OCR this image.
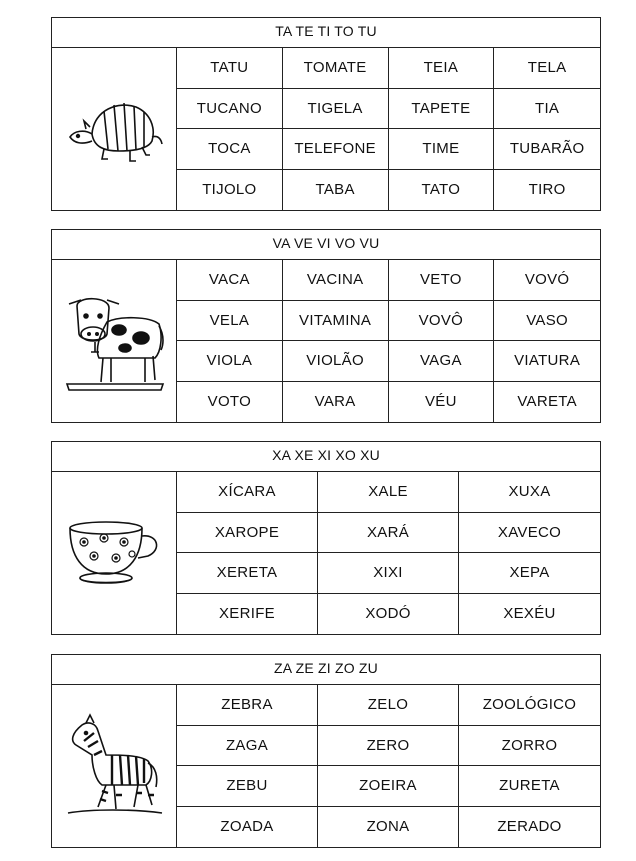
TA TE TI TO TU
TATU	TOMATE	TEIA	TELA
TUCANO	TIGELA	TAPETE	TIA
TOCA	TELEFONE	TIME	TUBARÃO
TIJOLO	TABA	TATO	TIRO
VA VE VI VO VU
VACA	VACINA	VETO	VOVÓ
VELA	VITAMINA	VOVÔ	VASO
VIOLA	VIOLÃO	VAGA	VIATURA
VOTO	VARA	VÉU	VARETA
XA XE XI XO XU
XÍCARA	XALE	XUXA
XAROPE	XARÁ	XAVECO
XERETA	XIXI	XEPA
XERIFE	XODÓ	XEXÉU
ZA ZE ZI ZO ZU
ZEBRA	ZELO	ZOOLÓGICO
ZAGA	ZERO	ZORRO
ZEBU	ZOEIRA	ZURETA
ZOADA	ZONA	ZERADO
